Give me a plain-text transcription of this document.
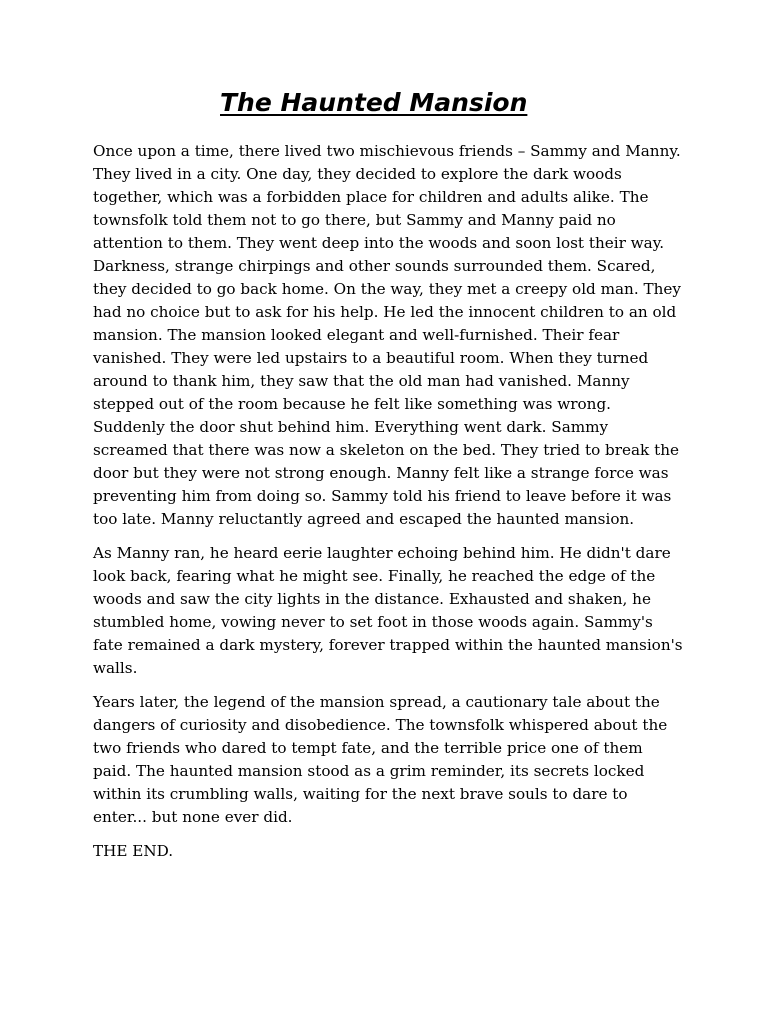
The Haunted Mansion

Once upon a time, there lived two mischievous friends – Sammy and Manny. They lived in a city. One day, they decided to explore the dark woods together, which was a forbidden place for children and adults alike. The townsfolk told them not to go there, but Sammy and Manny paid no attention to them. They went deep into the woods and soon lost their way. Darkness, strange chirpings and other sounds surrounded them. Scared, they decided to go back home. On the way, they met a creepy old man. They had no choice but to ask for his help. He led the innocent children to an old mansion. The mansion looked elegant and well-furnished. Their fear vanished. They were led upstairs to a beautiful room. When they turned around to thank him, they saw that the old man had vanished. Manny stepped out of the room because he felt like something was wrong. Suddenly the door shut behind him. Everything went dark. Sammy screamed that there was now a skeleton on the bed. They tried to break the door but they were not strong enough. Manny felt like a strange force was preventing him from doing so. Sammy told his friend to leave before it was too late. Manny reluctantly agreed and escaped the haunted mansion.

As Manny ran, he heard eerie laughter echoing behind him. He didn't dare look back, fearing what he might see. Finally, he reached the edge of the woods and saw the city lights in the distance. Exhausted and shaken, he stumbled home, vowing never to set foot in those woods again. Sammy's fate remained a dark mystery, forever trapped within the haunted mansion's walls.

Years later, the legend of the mansion spread, a cautionary tale about the dangers of curiosity and disobedience. The townsfolk whispered about the two friends who dared to tempt fate, and the terrible price one of them paid. The haunted mansion stood as a grim reminder, its secrets locked within its crumbling walls, waiting for the next brave souls to dare to enter... but none ever did.

THE END.
